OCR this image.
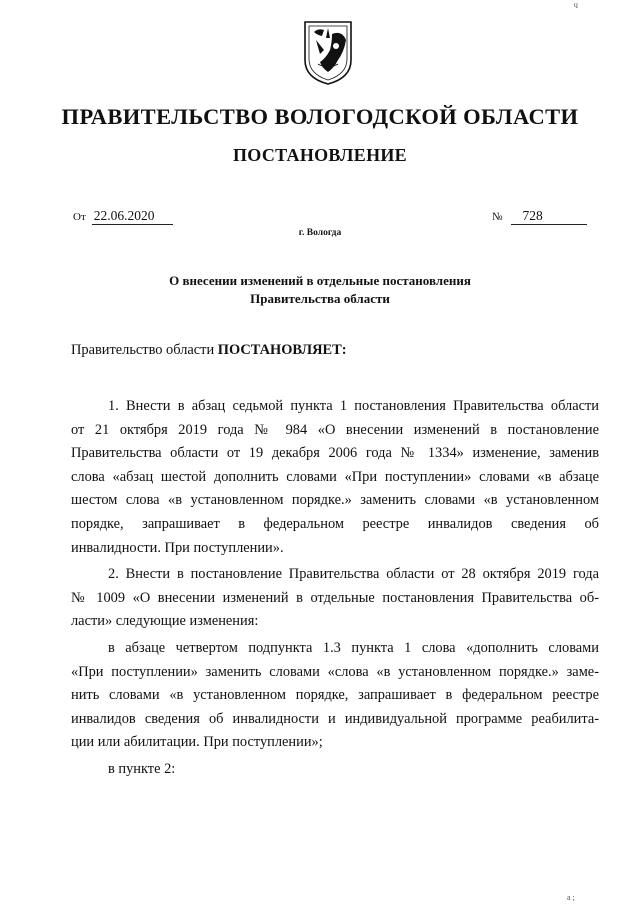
ч
ПРАВИТЕЛЬСТВО ВОЛОГОДСКОЙ ОБЛАСТИ
ПОСТАНОВЛЕНИЕ
От 22.06.2020	№ 728
г. Вологда
О внесении изменений в отдельные постановления
Правительства области
Правительство области ПОСТАНОВЛЯЕТ:
1. Внести в абзац седьмой пункта 1 постановления Правительства области
от 21 октября 2019 года № 984 «О внесении изменений в постановление
Правительства области от 19 декабря 2006 года № 1334» изменение, заменив
слова «абзац шестой дополнить словами «При поступлении» словами «в абзаце
шестом слова «в установленном порядке.» заменить словами «в установленном
порядке, запрашивает в федеральном реестре инвалидов сведения об
инвалидности. При поступлении».
2. Внести в постановление Правительства области от 28 октября 2019 года
№ 1009 «О внесении изменений в отдельные постановления Правительства об-
ласти» следующие изменения:
в абзаце четвертом подпункта 1.3 пункта 1 слова «дополнить словами
«При поступлении» заменить словами «слова «в установленном порядке.» заме-
нить словами «в установленном порядке, запрашивает в федеральном реестре
инвалидов сведения об инвалидности и индивидуальной программе реабилита-
ции или абилитации. При поступлении»;
в пункте 2:
а ;
